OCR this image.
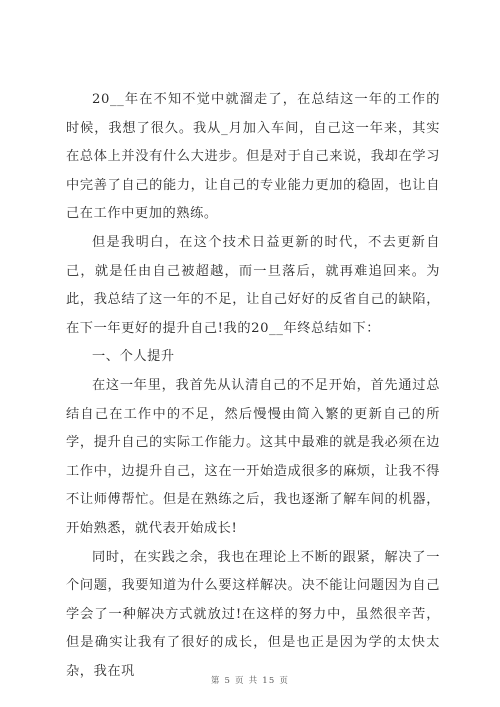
20__年在不知不觉中就溜走了，在总结这一年的工作的时候，我想了很久。我从_月加入车间，自己这一年来，其实在总体上并没有什么大进步。但是对于自己来说，我却在学习中完善了自己的能力，让自己的专业能力更加的稳固，也让自己在工作中更加的熟练。

但是我明白，在这个技术日益更新的时代，不去更新自己，就是任由自己被超越，而一旦落后，就再难追回来。为此，我总结了这一年的不足，让自己好好的反省自己的缺陷，在下一年更好的提升自己!我的20__年终总结如下：

一、个人提升

在这一年里，我首先从认清自己的不足开始，首先通过总结自己在工作中的不足，然后慢慢由简入繁的更新自己的所学，提升自己的实际工作能力。这其中最难的就是我必须在边工作中，边提升自己，这在一开始造成很多的麻烦，让我不得不让师傅帮忙。但是在熟练之后，我也逐渐了解车间的机器，开始熟悉，就代表开始成长!

同时，在实践之余，我也在理论上不断的跟紧，解决了一个问题，我要知道为什么要这样解决。决不能让问题因为自己学会了一种解决方式就放过!在这样的努力中，虽然很辛苦，但是确实让我有了很好的成长，但是也正是因为学的太快太杂，我在巩

第 5 页 共 15 页
